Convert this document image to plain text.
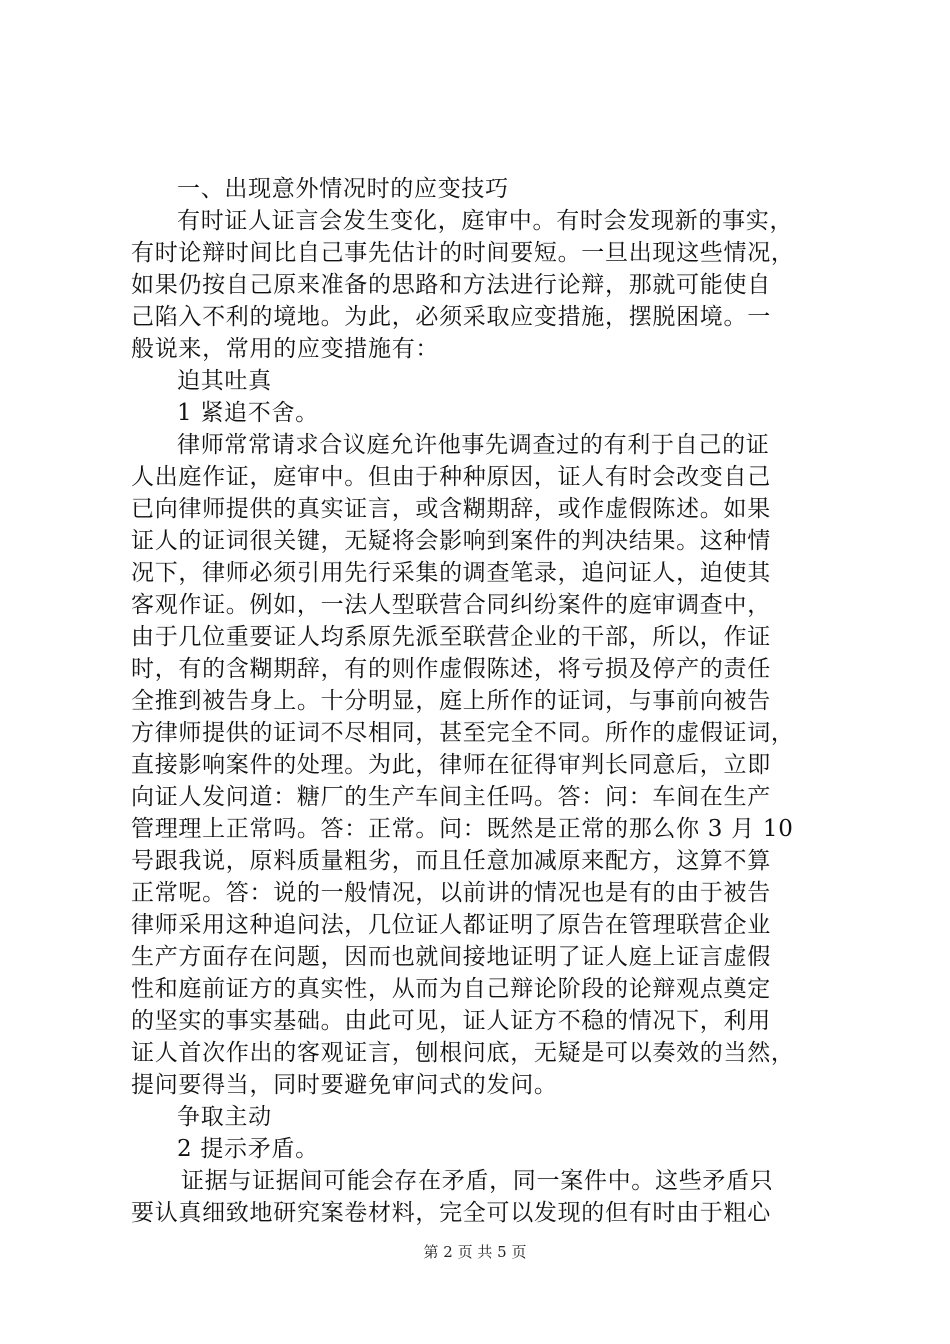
一、出现意外情况时的应变技巧
有时证人证言会发生变化，庭审中。有时会发现新的事实，
有时论辩时间比自己事先估计的时间要短。一旦出现这些情况，
如果仍按自己原来准备的思路和方法进行论辩，那就可能使自
己陷入不利的境地。为此，必须采取应变措施，摆脱困境。一
般说来，常用的应变措施有：
迫其吐真
1 紧追不舍。
律师常常请求合议庭允许他事先调查过的有利于自己的证
人出庭作证，庭审中。但由于种种原因，证人有时会改变自己
已向律师提供的真实证言，或含糊期辞，或作虚假陈述。如果
证人的证词很关键，无疑将会影响到案件的判决结果。这种情
况下，律师必须引用先行采集的调查笔录，追问证人，迫使其
客观作证。例如，一法人型联营合同纠纷案件的庭审调查中，
由于几位重要证人均系原先派至联营企业的干部，所以，作证
时，有的含糊期辞，有的则作虚假陈述，将亏损及停产的责任
全推到被告身上。十分明显，庭上所作的证词，与事前向被告
方律师提供的证词不尽相同，甚至完全不同。所作的虚假证词，
直接影响案件的处理。为此，律师在征得审判长同意后，立即
向证人发问道：糖厂的生产车间主任吗。答：问：车间在生产
管理理上正常吗。答：正常。问：既然是正常的那么你 3 月 10
号跟我说，原料质量粗劣，而且任意加减原来配方，这算不算
正常呢。答：说的一般情况，以前讲的情况也是有的由于被告
律师采用这种追问法，几位证人都证明了原告在管理联营企业
生产方面存在问题，因而也就间接地证明了证人庭上证言虚假
性和庭前证方的真实性，从而为自己辩论阶段的论辩观点奠定
的坚实的事实基础。由此可见，证人证方不稳的情况下，利用
证人首次作出的客观证言，刨根问底，无疑是可以奏效的当然，
提问要得当，同时要避免审问式的发问。
争取主动
2 提示矛盾。
证据与证据间可能会存在矛盾，同一案件中。这些矛盾只
要认真细致地研究案卷材料，完全可以发现的但有时由于粗心
第 2 页 共 5 页
